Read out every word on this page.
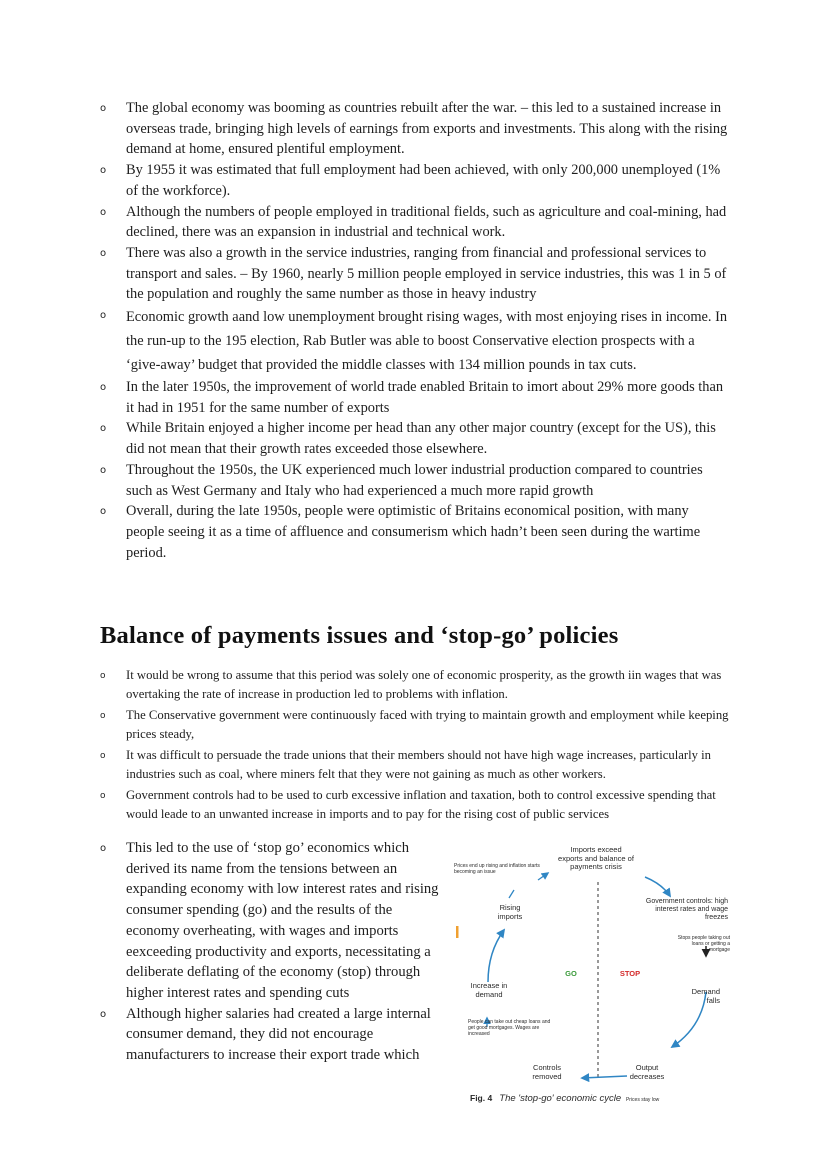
o The global economy was booming as countries rebuilt after the war. – this led to a sustained increase in overseas trade, bringing high levels of earnings from exports and investments. This along with the rising demand at home, ensured plentiful employment.
o By 1955 it was estimated that full employment had been achieved, with only 200,000 unemployed (1% of the workforce).
o Although the numbers of people employed in traditional fields, such as agriculture and coal-mining, had declined, there was an expansion in industrial and technical work.
o There was also a growth in the service industries, ranging from financial and professional services to transport and sales. – By 1960, nearly 5 million people employed in service industries, this was 1 in 5 of the population and roughly the same number as those in heavy industry
o Economic growth aand low unemployment brought rising wages, with most enjoying rises in income. In the run-up to the 195 election, Rab Butler was able to boost Conservative election prospects with a ‘give-away’ budget that provided the middle classes with 134 million pounds in tax cuts.
o In the later 1950s, the improvement of world trade enabled Britain to imort about 29% more goods than it had in 1951 for the same number of exports
o While Britain enjoyed a higher income per head than any other major country (except for the US), this did not mean that their growth rates exceeded those elsewhere.
o Throughout the 1950s, the UK experienced much lower industrial production compared to countries such as West Germany and Italy who had experienced a much more rapid growth
o Overall, during the late 1950s, people were optimistic of Britains economical position, with many people seeing it as a time of affluence and consumerism which hadn’t been seen during the wartime period.
Balance of payments issues and ‘stop-go’ policies
o It would be wrong to assume that this period was solely one of economic prosperity, as the growth iin wages that was overtaking the rate of increase in production led to problems with inflation.
o The Conservative government were continuously faced with trying to maintain growth and employment while keeping prices steady,
o It was difficult to persuade the trade unions that their members should not have high wage increases, particularly in industries such as coal, where miners felt that they were not gaining as much as other workers.
o Government controls had to be used to curb excessive inflation and taxation, both to control excessive spending that would leade to an unwanted increase in imports and to pay for the rising cost of public services
o This led to the use of ‘stop go’ economics which derived its name from the tensions between an expanding economy with low interest rates and rising consumer spending (go) and the results of the economy overheating, with wages and imports eexceeding productivity and exports, necessitating a deliberate deflating of the economy (stop) through higher interest rates and spending cuts
o Although higher salaries had created a large internal consumer demand, they did not encourage manufacturers to increase their export trade which
Imports exceed exports and balance of payments crisis
Prices end up rising and inflation starts becoming an issue
Government controls: high interest rates and wage freezes
Rising imports
Stops people taking out loans or getting a mortgage
GO	STOP
Increase in demand	Demand falls
People can take out cheap loans and get good mortgages. Wages are increased
Controls removed
Output decreases
Fig. 4 The 'stop-go' economic cycle Prices stay low
